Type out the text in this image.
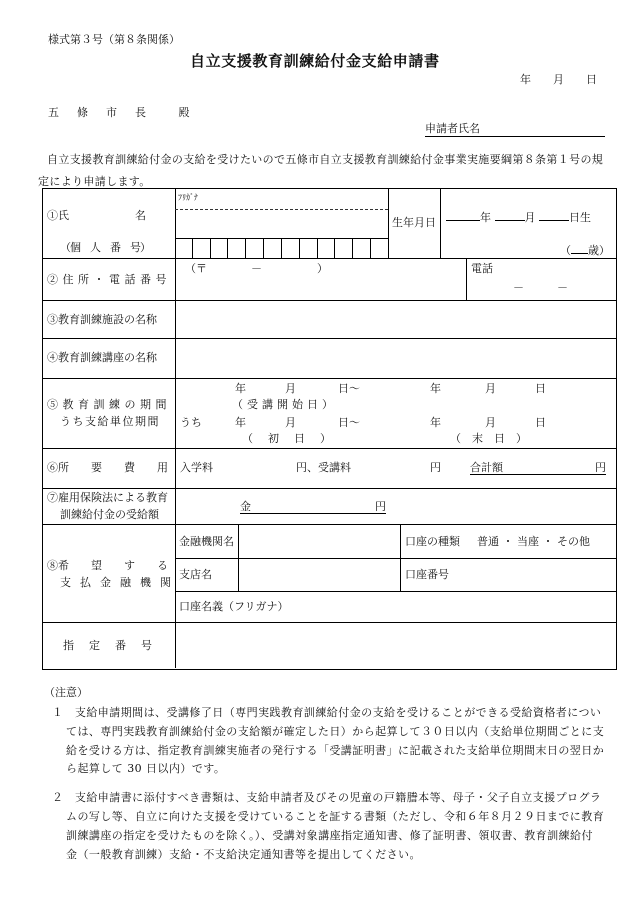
様式第３号（第８条関係）
自立支援教育訓練給付金支給申請書
年　　月　　日
五　條　市　長　　殿
申請者氏名
自立支援教育訓練給付金の支給を受けたいので五條市自立支援教育訓練給付金事業実施要綱第８条第１号の規
定により申請します。
①氏　　　　　　名
（個　人　番　号）
ﾌﾘｶﾞﾅ
生年月日	年	月	日生
（ 歳）
②住所・電話番号
（〒　　　　－　　　　　）	電話
－　　　－
③教育訓練施設の名称
④教育訓練講座の名称
⑤教育訓練の期間
うち支給単位期間
年	月	日～	年	月	日
（受講開始日）
うち	年	月	日～	年	月	日
（　初　日　）	（　末　日　）
⑥所　　要　　費　　用 入学料	円、受講料	円	合計額	円
⑦雇用保険法による教育
訓練給付金の受給額
金	円
⑧希　　望　　す　　る
支　払　金　融　機　関
金融機関名	口座の種類 普通 ・ 当座 ・ その他
支店名	口座番号
口座名義（フリガナ）
指　定　番　号
（注意）
１　支給申請期間は、受講修了日（専門実践教育訓練給付金の支給を受けることができる受給資格者につい
ては、専門実践教育訓練給付金の支給額が確定した日）から起算して３０日以内（支給単位期間ごとに支
給を受ける方は、指定教育訓練実施者の発行する「受講証明書」に記載された支給単位期間末日の翌日か
ら起算して 30 日以内）です。
２　支給申請書に添付すべき書類は、支給申請者及びその児童の戸籍謄本等、母子・父子自立支援プログラ
ムの写し等、自立に向けた支援を受けていることを証する書類（ただし、令和６年８月２９日までに教育
訓練講座の指定を受けたものを除く。）、受講対象講座指定通知書、修了証明書、領収書、教育訓練給付
金（一般教育訓練）支給・不支給決定通知書等を提出してください。
